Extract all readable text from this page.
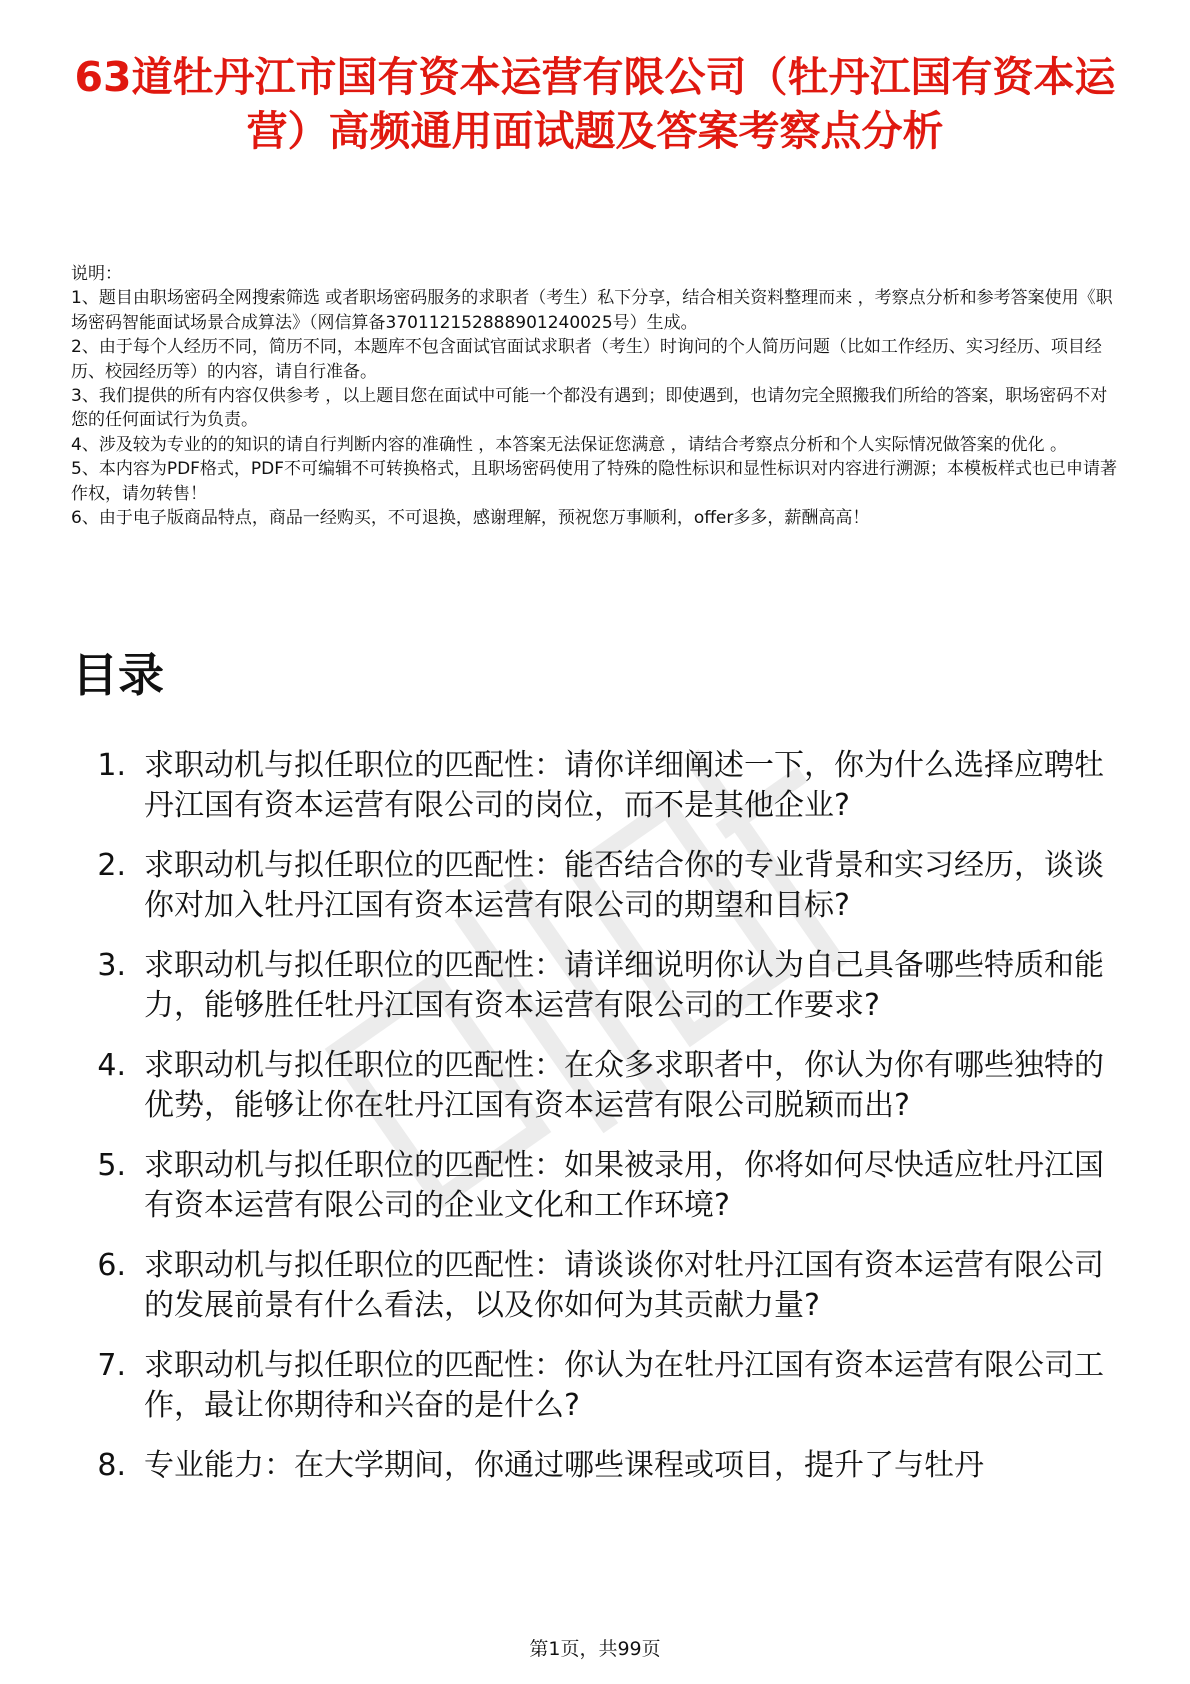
63道牡丹江市国有资本运营有限公司（牡丹江国有资本运营）高频通用面试题及答案考察点分析

说明：

1、题目由职场密码全网搜索筛选 或者职场密码服务的求职者（考生）私下分享，结合相关资料整理而来 ，考察点分析和参考答案使用《职场密码智能面试场景合成算法》（网信算备370112152888901240025号）生成。

2、由于每个人经历不同，简历不同，本题库不包含面试官面试求职者（考生）时询问的个人简历问题（比如工作经历、实习经历、项目经历、校园经历等）的内容，请自行准备。

3、我们提供的所有内容仅供参考 ，以上题目您在面试中可能一个都没有遇到；即使遇到，也请勿完全照搬我们所给的答案，职场密码不对您的任何面试行为负责。

4、涉及较为专业的的知识的请自行判断内容的准确性 ，本答案无法保证您满意 ，请结合考察点分析和个人实际情况做答案的优化 。

5、本内容为PDF格式，PDF不可编辑不可转换格式，且职场密码使用了特殊的隐性标识和显性标识对内容进行溯源；本模板样式也已申请著作权，请勿转售！

6、由于电子版商品特点，商品一经购买，不可退换，感谢理解，预祝您万事顺利，offer多多，薪酬高高！

目录
1. 求职动机与拟任职位的匹配性：请你详细阐述一下，你为什么选择应聘牡丹江国有资本运营有限公司的岗位，而不是其他企业?
2. 求职动机与拟任职位的匹配性：能否结合你的专业背景和实习经历，谈谈你对加入牡丹江国有资本运营有限公司的期望和目标?
3. 求职动机与拟任职位的匹配性：请详细说明你认为自己具备哪些特质和能力，能够胜任牡丹江国有资本运营有限公司的工作要求?
4. 求职动机与拟任职位的匹配性：在众多求职者中，你认为你有哪些独特的优势，能够让你在牡丹江国有资本运营有限公司脱颖而出?
5. 求职动机与拟任职位的匹配性：如果被录用，你将如何尽快适应牡丹江国有资本运营有限公司的企业文化和工作环境?
6. 求职动机与拟任职位的匹配性：请谈谈你对牡丹江国有资本运营有限公司的发展前景有什么看法，以及你如何为其贡献力量?
7. 求职动机与拟任职位的匹配性：你认为在牡丹江国有资本运营有限公司工作，最让你期待和兴奋的是什么?
8. 专业能力：在大学期间，你通过哪些课程或项目，提升了与牡丹
第1页，共99页
